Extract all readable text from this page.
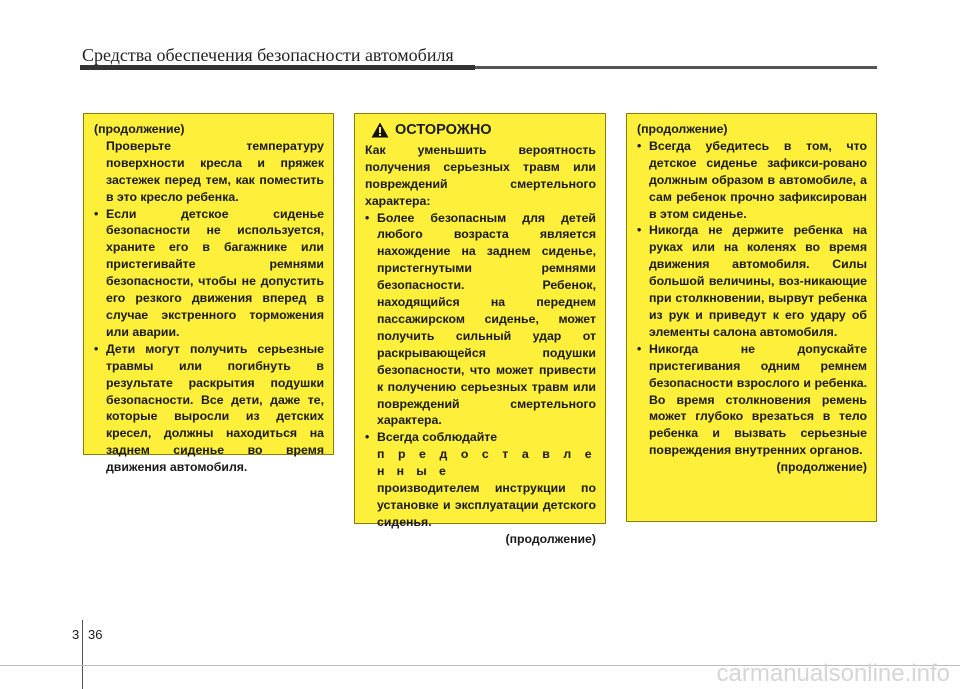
Средства обеспечения безопасности автомобиля

(продолжение)

Проверьте температуру поверхности кресла и пряжек застежек перед тем, как поместить в это кресло ребенка.

• Если детское сиденье безопасности не используется, храните его в багажнике или пристегивайте ремнями безопасности, чтобы не допустить его резкого движения вперед в случае экстренного торможения или аварии.

• Дети могут получить серьезные травмы или погибнуть в результате раскрытия подушки безопасности. Все дети, даже те, которые выросли из детских кресел, должны находиться на заднем сиденье во время движения автомобиля.

ОСТОРОЖНО

Как уменьшить вероятность получения серьезных травм или повреждений смертельного характера:

• Более безопасным для детей любого возраста является нахождение на заднем сиденье, пристегнутыми ремнями безопасности. Ребенок, находящийся на переднем пассажирском сиденье, может получить сильный удар от раскрывающейся подушки безопасности, что может привести к получению серьезных травм или повреждений смертельного характера.

• Всегда соблюдайте
п р е д о с т а в л е н н ы е
производителем инструкции по установке и эксплуатации детского сиденья.

(продолжение)

(продолжение)

• Всегда убедитесь в том, что детское сиденье зафикси-ровано должным образом в автомобиле, а сам ребенок прочно зафиксирован в этом сиденье.

• Никогда не держите ребенка на руках или на коленях во время движения автомобиля. Силы большой величины, воз-никающие при столкновении, вырвут ребенка из рук и приведут к его удару об элементы салона автомобиля.

• Никогда не допускайте пристегивания одним ремнем безопасности взрослого и ребенка. Во время столкновения ремень может глубоко врезаться в тело ребенка и вызвать серьезные повреждения внутренних органов.

(продолжение)

3 36
carmanualsonline.info
